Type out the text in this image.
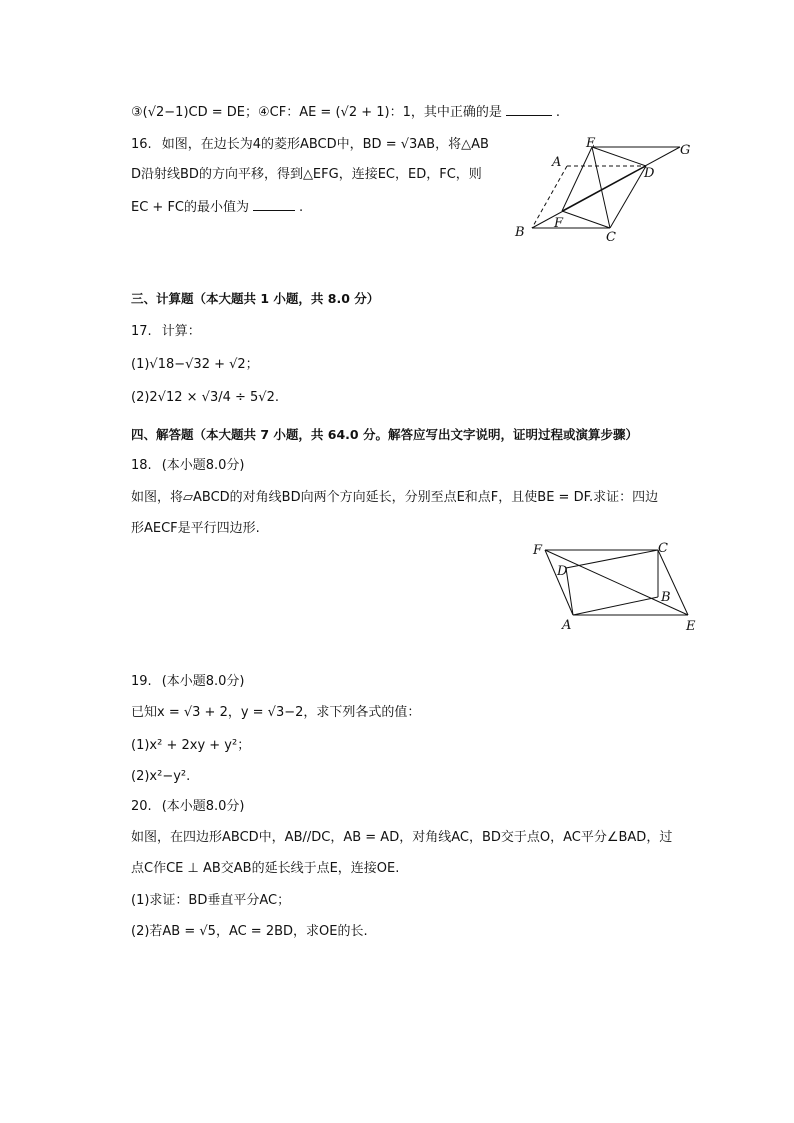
③(√2−1)CD = DE；④CF：AE = (√2 + 1)：1，其中正确的是	.
16. 如图，在边长为4的菱形ABCD中，BD = √3AB，将△AB
D沿射线BD的方向平移，得到△EFG，连接EC，ED，FC，则
EC + FC的最小值为	.
A
B	C
D
E
F
G
三、计算题（本大题共 1 小题，共 8.0 分）
17. 计算：
(1)√18−√32 + √2；
(2)2√12 × √3/4 ÷ 5√2.
四、解答题（本大题共 7 小题，共 64.0 分。解答应写出文字说明，证明过程或演算步骤）
18. (本小题8.0分)
如图，将▱ABCD的对角线BD向两个方向延长，分别至点E和点F，且使BE = DF.求证：四边
形AECF是平行四边形.
F	C
D
B
A	E
19. (本小题8.0分)
已知x = √3 + 2，y = √3−2，求下列各式的值：
(1)x² + 2xy + y²；
(2)x²−y².
20. (本小题8.0分)
如图，在四边形ABCD中，AB//DC，AB = AD，对角线AC，BD交于点O，AC平分∠BAD，过
点C作CE ⊥ AB交AB的延长线于点E，连接OE.
(1)求证：BD垂直平分AC；
(2)若AB = √5，AC = 2BD，求OE的长.
